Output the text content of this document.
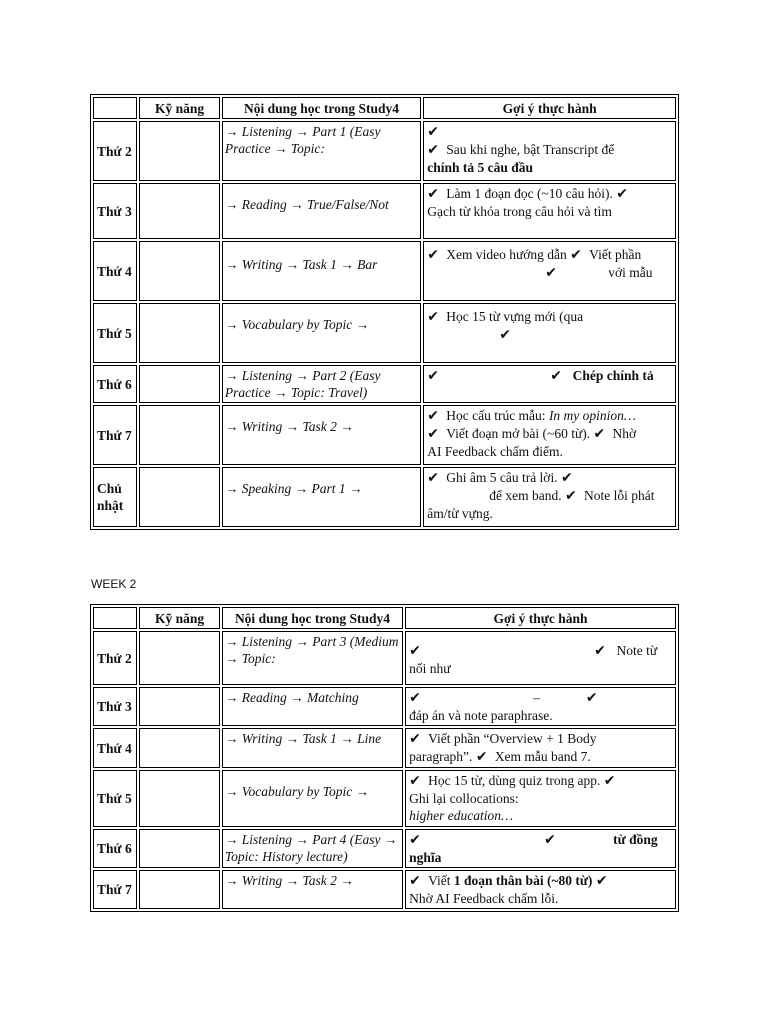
	Kỹ năng	Nội dung học trong Study4	Gợi ý thực hành
Thứ 2		→ Listening → Part 1 (Easy Practice → Topic:	✔
✔ Sau khi nghe, bật Transcript để
chính tả 5 câu đầu

Thứ 3		→ Reading → True/False/Not	✔ Làm 1 đoạn đọc (~10 câu hỏi). ✔
Gạch từ khóa trong câu hỏi và tìm

Thứ 4		→ Writing → Task 1 → Bar	✔ Xem video hướng dẫn ✔ Viết phần
✔ với mẫu

Thứ 5		→ Vocabulary by Topic →	✔ Học 15 từ vựng mới (qua
✔

Thứ 6		→ Listening → Part 2 (Easy Practice → Topic: Travel)	✔ ✔ Chép chính tả

Thứ 7		→ Writing → Task 2 →	✔ Học cấu trúc mẫu: In my opinion…
✔ Viết đoạn mở bài (~60 từ). ✔ Nhờ
AI Feedback chấm điểm.

Chủ nhật		→ Speaking → Part 1 →	✔ Ghi âm 5 câu trả lời. ✔
để xem band. ✔ Note lỗi phát
âm/từ vựng.
WEEK 2
	Kỹ năng	Nội dung học trong Study4	Gợi ý thực hành
Thứ 2		→ Listening → Part 3 (Medium → Topic:	✔ ✔ Note từ
nối như

Thứ 3		→ Reading → Matching	✔ – ✔
đáp án và note paraphrase.

Thứ 4		→ Writing → Task 1 → Line	✔ Viết phần “Overview + 1 Body
paragraph”. ✔ Xem mẫu band 7.

Thứ 5		→ Vocabulary by Topic →	✔ Học 15 từ, dùng quiz trong app. ✔
Ghi lại collocations:
higher education…

Thứ 6		→ Listening → Part 4 (Easy → Topic: History lecture)	✔ ✔ từ đồng
nghĩa

Thứ 7		→ Writing → Task 2 →	✔ Viết 1 đoạn thân bài (~80 từ) ✔
Nhờ AI Feedback chấm lỗi.
